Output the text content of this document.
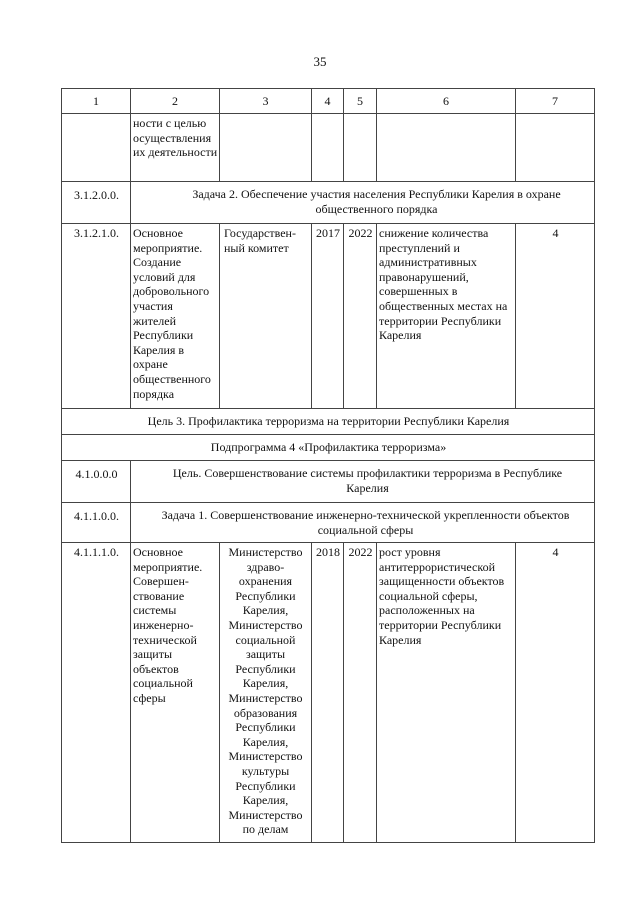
35
1	2	3	4	5	6	7
	ности с целью осуществления их деятельности					
3.1.2.0.0.	Задача 2. Обеспечение участия населения Республики Карелия в охране общественного порядка					
3.1.2.1.0.	Основное мероприятие. Создание условий для добровольного участия жителей Республики Карелия в охране общественного порядка	Государствен- ный комитет	2017	2022	снижение количества преступлений и административных правонарушений, совершенных в общественных местах на территории Республики Карелия	4
Цель 3. Профилактика терроризма на территории Республики Карелия						
Подпрограмма 4 «Профилактика терроризма»						
4.1.0.0.0	Цель. Совершенствование системы профилактики терроризма в Республике Карелия					
4.1.1.0.0.	Задача 1. Совершенствование инженерно-технической укрепленности объектов социальной сферы					
4.1.1.1.0.	Основное мероприятие. Совершен- ствование системы инженерно- технической защиты объектов социальной сферы	Министерство здраво- охранения Республики Карелия, Министерство социальной защиты Республики Карелия, Министерство образования Республики Карелия, Министерство культуры Республики Карелия, Министерство по делам	2018	2022	рост уровня антитеррористической защищенности объектов социальной сферы, расположенных на территории Республики Карелия	4
